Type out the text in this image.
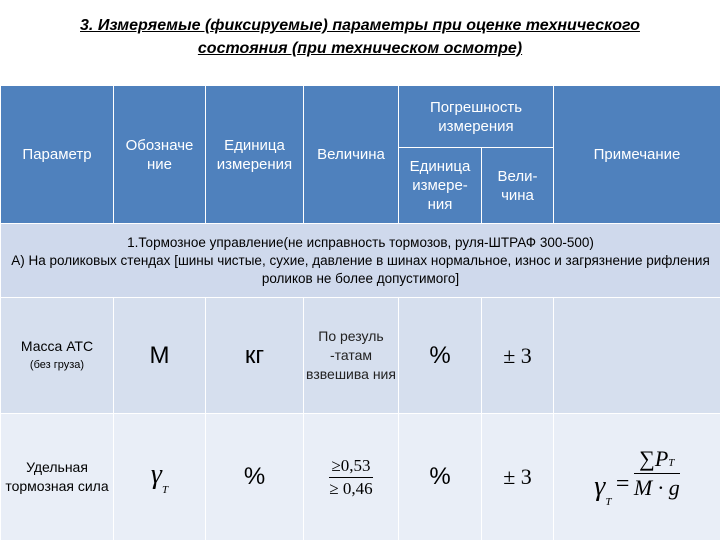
3. Измеряемые (фиксируемые) параметры при оценке технического
состояния (при техническом осмотре)
Параметр	Обозначе ние	Единица измерения	Величина	Погрешность измерения		Примечание
				Единица измере-ния	Вели-чина	

1.Тормозное управление(не исправность тормозов, руля-ШТРАФ 300-500)
А) На роликовых стендах [шины чистые, сухие, давление в шинах нормальное, износ и загрязнение рифления роликов не более допустимого]						

Масса АТС
(без груза)	М	кг	По резуль -татам взвешива ния	%	± 3	
Удельная тормозная сила	$\gamma_T$	%	$\frac{\ge 0,53}{\ge 0,46}$	%	± 3	$\gamma_T = \frac{\sum PT}{M \cdot g}$
